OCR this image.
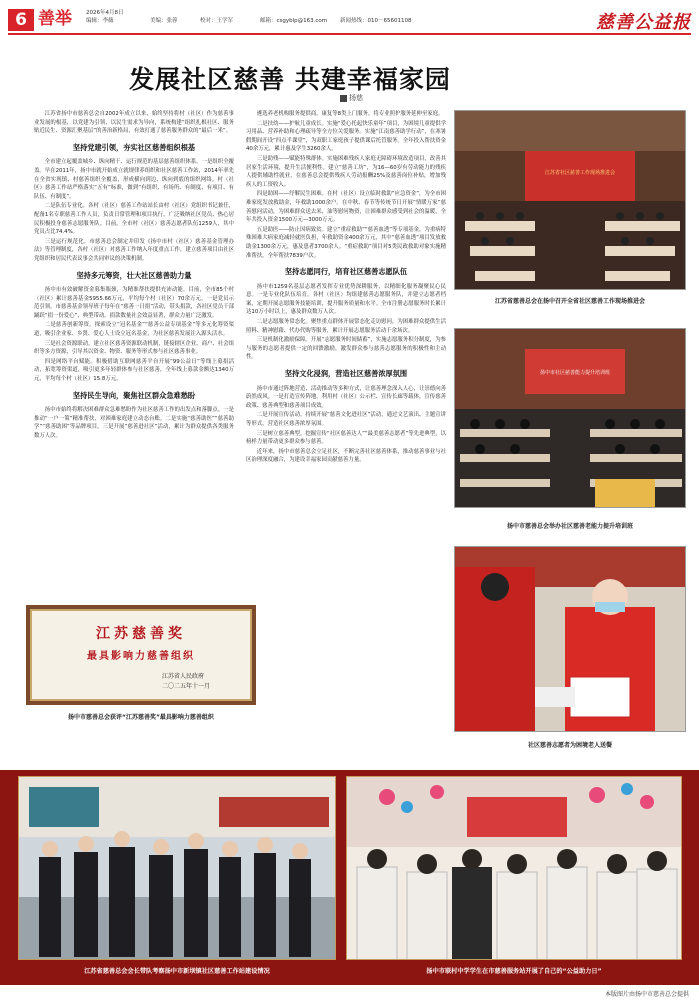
6 善举	2026年4月8日
编辑：李薇	美编：张蓉	校对：王学军	邮箱：csgyblp@163.com 新闻热线：010－65601108	慈善公益报
发展社区慈善 共建幸福家园
扬慈

江苏省扬中市慈善总会自2002年成立以来，始终坚持将村（社区）作为慈善事业发展的根基，以党建为引领、以民生需求为导向，系统构建“组织扎根社区、服务贴近民生、资源汇聚基层”的善治新格局，有效打通了慈善服务群众的“最后一米”。

坚持党建引领，夯实社区慈善组织根基

全市建立起覆盖城乡、纵向精干、运行规范的基层慈善组织体系。一是组织全覆盖。早在2011年，扬中市就开始成立就规律养组织和社区慈善工作站，2014年率先在全省实现镇、村慈善组织全覆盖，形成横向到边、纵向到底的组织网络。村（社区）慈善工作站严格落实“五有”标准，做到“有组织、有场所、有制度、有项目、有队伍、有制度”。

二是队伍专业化。各村（社区）慈善工作站站长由村（社区）党组织书记兼任，配备1名专职慈善工作人员，负责日常管理和项目执行，广泛吸纳社区党员、热心居民积极投身慈善志愿服务队。目前，全市村（社区）慈善志愿者队伍1259人，其中党员占比74.4%。

三是运行规范化。市慈善总会制定并印发《扬中市村（社区）慈善基金管理办法》等管理制度，各村（社区）对慈善工作纳入年度重点工作，建立慈善项目由社区党组织和居民代表议事会共同审议的决策机制。

坚持多元筹资，壮大社区慈善助力量

扬中市有效破解资金募集瓶颈，为精准帮扶提供充沛动能。目前，全市85个村（社区）累计慈善基金5955.66万元，平均每个村（社区）70余万元。一是党员示范引领。市慈善基金领导班子每年在“慈善一日捐”活动，带头捐款，各社区党员干部踊跃“捐一份爱心”，典型带动。捐款数量社会效益显著，群众力量广泛激发。

二是慈善创新筹资。探索设立“冠名基金”“慈善公益专项基金”等多元化筹资渠道，吸引企业家、乡贤、爱心人士设立冠名基金，为社区慈善发展注入源头活水。

三是社会资源联动。建立社区慈善资源联动机制，链接辖区企业、商户、社会组织等多方资源，引导其以资金、物资、服务等形式参与社区慈善事业。

四是网络平台赋能。积极借助互联网慈善平台开展“99公益日”等线上募捐活动，拓宽筹资渠道，吸引更多年轻群体参与社区慈善，全年线上募款金额达1340万元，平均每个村（社区）15.8万元。

坚持民生导向，聚焦社区群众急难愁盼

扬中市始终将解决困难群众急难愁盼作为社区慈善工作的出发点和落脚点。一是推动“一户一策”精准帮扶，对困难家庭建立动态台账。二是实施“慈善助医”“慈善助学”“慈善助困”等品牌项目，三是开展“慈善进社区”活动，累计为群众提供各类服务数万人次。

遴选养老机构服务提供商，康复等8类上门服务，将专业照护服务延伸至家庭。

二是扶幼——护航儿童成长。实施“爱心托起快乐童年”项目，为困境儿童提供学习用品、营养补助和心理疏导等全方位关爱服务。实施“江南慈善助学行动”，在寒暑假期间开设“四点半课堂”，为双职工家庭孩子提供课后托管服务。全年投入帮扶资金40余万元，累计惠及学生3260余人。

三是助残——赋能特殊群体。实施困难残疾人家庭无障碍环境改造项目，改善其居家生活环境，提升生活便利性。建立“慈善工坊”，为16—60岁有劳动能力的残疾人提供辅助性就业，在慈善总会提供残疾人劳动报酬25%及慈善岗位补贴，增加残疾人的工资收入。

四是助困——纾解民生困难。在村（社区）设立临时救助“应急资金”，为全市困难家庭发放救助金，年救助1000余户。在中秋、春节等传统节日开展“情暖万家”慈善慰问活动，为困难群众送去米、油等慰问物资，让困难群众感受到社会的温暖，全年共投入资金1500万元—3000万元。

五是助医——防止因病致贫。建立“重症救助”“慈善血透”等专项基金，为重病特殊困难大病家庭减轻就医负担，年救助资金400余万元，其中“慈善血透”项目发放救助金1300余万元，惠及患者3700余人。“重症救助”项目对5类民政救助对象实施精准帮扶，全年帮扶7839户次。

坚持志愿同行，培育社区慈善志愿队伍

扬中市1259名基层志愿者发挥专业优势深耕服务，以精细化服务凝聚民心民意。一是专业化队伍培育。各村（社区）均组建慈善志愿服务队，并建立志愿者档案，定期开展志愿服务技能培训，提升服务质量和水平。全市注册志愿服务时长累计达10万小时以上，惠及群众数万人次。

二是志愿服务常态化。聚焦重点群体开展常态化走访慰问，为困难群众提供生活照料、精神慰藉、代办代购等服务，累计开展志愿服务活动千余场次。

三是机制化激励保障。开展“志愿服务时间储蓄”，实施志愿服务积分制度，为参与服务的志愿者提供一定的回馈激励，激发群众参与慈善志愿服务的积极性和主动性。

坚持文化浸润，营造社区慈善浓厚氛围

扬中市通过阵地营造、活动推动等多种方式，让慈善理念深入人心，让崇德向善蔚然成风。一是打造宣传阵地。利用村（社区）公示栏、宣传长廊等载体，宣传慈善政策、慈善典型和慈善项目成效。

二是开展宣传活动。持续开展“慈善文化进社区”活动，通过文艺演出、主题宣讲等形式，营造社区慈善浓厚氛围。

三是树立慈善典型。挖掘宣传“社区慈善达人”“最美慈善志愿者”等先进典型，以榜样力量带动更多群众参与慈善。

近年来，扬中市慈善总会立足社区，不断完善社区慈善体系，推动慈善事业与社区治理深度融合，为建设幸福家园贡献慈善力量。

江苏慈善奖
最具影响力慈善组织
江苏省人民政府
二〇二五年十一月
扬中市慈善总会获评“江苏慈善奖”最具影响力慈善组织
江苏省社区慈善工作现场推进会
江苏省慈善总会在扬中召开全省社区慈善工作现场推进会
扬中市社区慈善能力提升培训班
扬中市慈善总会举办社区慈善老能力提升培训班
社区慈善志愿者为困境老人送餐
江苏省慈善总会会长带队考察扬中市新坝镇社区慈善工作站建设情况	扬中市联村中学学生在市慈善服务站开展了自己的“公益助力日”
本版图片由扬中市慈善总会提供
